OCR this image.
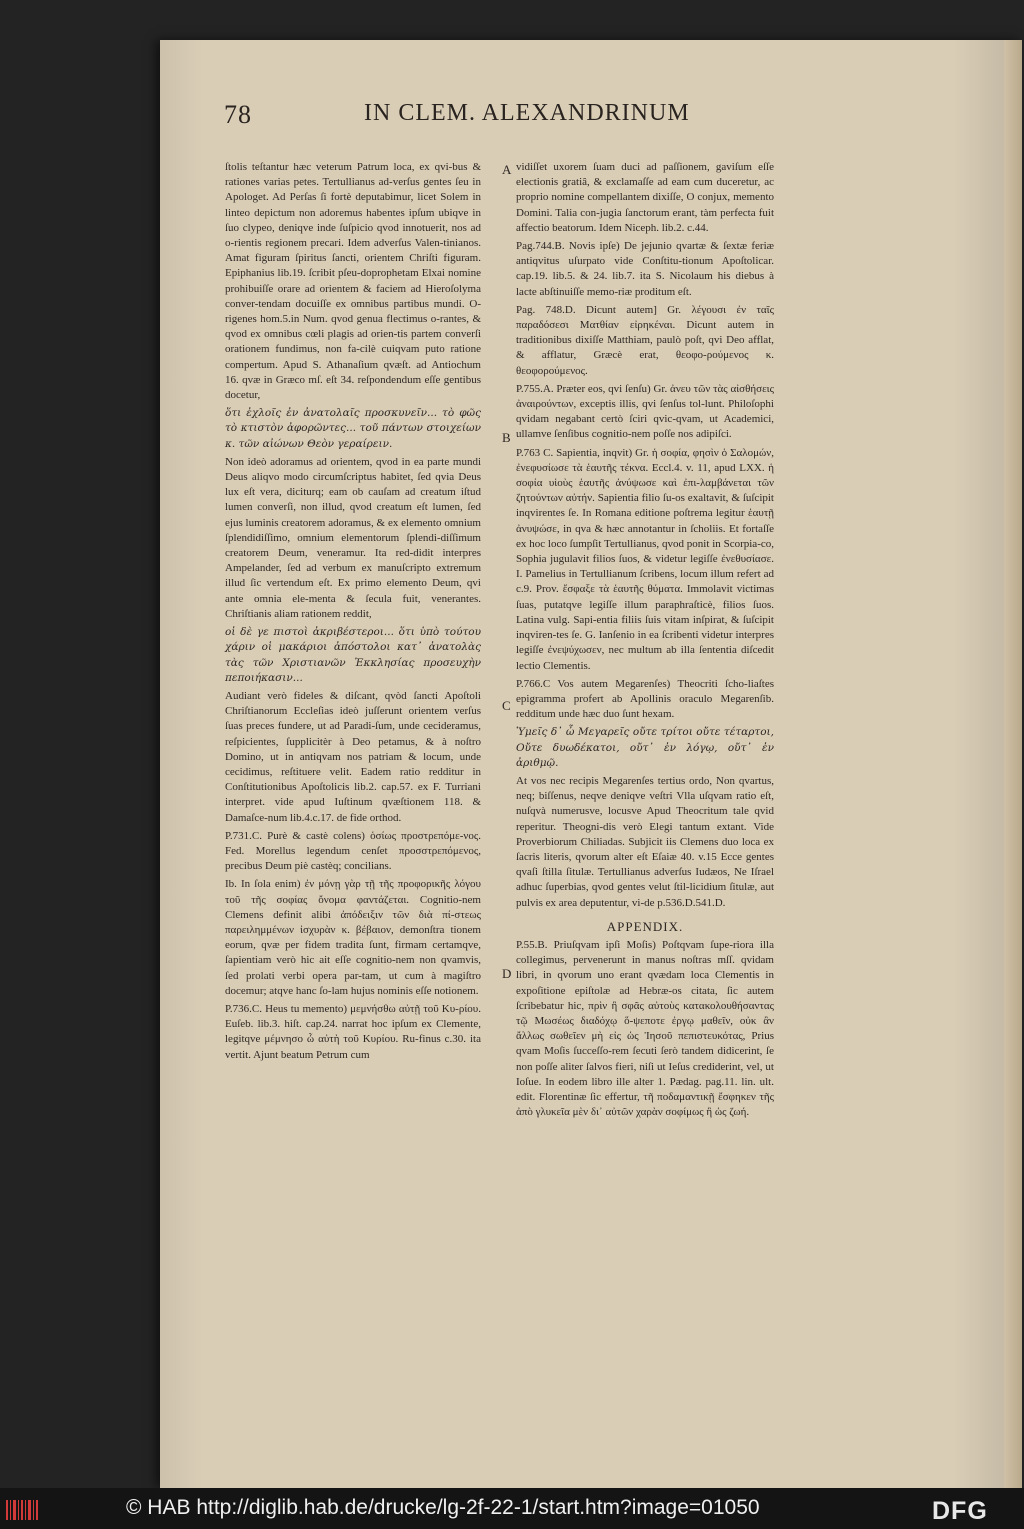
78	IN CLEM. ALEXANDRINUM
A
B
C
D

ſtolis teſtantur hæc veterum Patrum loca, ex qvi-bus & rationes varias petes. Tertullianus ad-verſus gentes ſeu in Apologet. Ad Perſas ſi fortè deputabimur, licet Solem in linteo depictum non adoremus habentes ipſum ubiqve in ſuo clypeo, deniqve inde ſuſpicio qvod innotuerit, nos ad o-rientis regionem precari. Idem adverſus Valen-tinianos. Amat figuram ſpiritus ſancti, orientem Chriſti figuram. Epiphanius lib.19. ſcribit pſeu-doprophetam Elxai nomine prohibuiſſe orare ad orientem & faciem ad Hieroſolyma conver-tendam docuiſſe ex omnibus partibus mundi. O-rigenes hom.5.in Num. qvod genua flectimus o-rantes, & qvod ex omnibus cœli plagis ad orien-tis partem converſi orationem fundimus, non fa-cilè cuiqvam puto ratione compertum. Apud S. Athanaſium qvæſt. ad Antiochum 16. qvæ in Græco mſ. eſt 34. reſpondendum eſſe gentibus docetur,

ὅτι ἐχλοῖς ἐν ἀνατολαῖς προσκυνεῖν... τὸ φῶς τὸ κτιστὸν ἀφορῶντες... τοῦ πάντων στοιχείων κ. τῶν αἰώνων Θεὸν γεραίρειν.

Non ideò adoramus ad orientem, qvod in ea parte mundi Deus aliqvo modo circumſcriptus habitet, ſed qvia Deus lux eſt vera, diciturq; eam ob cauſam ad creatum iſtud lumen converſi, non illud, qvod creatum eſt lumen, ſed ejus luminis creatorem adoramus, & ex elemento omnium ſplendidiſſimo, omnium elementorum ſplendi-diſſimum creatorem Deum, veneramur. Ita red-didit interpres Ampelander, ſed ad verbum ex manuſcripto extremum illud ſic vertendum eſt. Ex primo elemento Deum, qvi ante omnia ele-menta & ſecula fuit, venerantes. Chriſtianis aliam rationem reddit,

οἱ δὲ γε πιστοὶ ἀκριβέστεροι... ὅτι ὑπὸ τούτου χάριν οἱ μακάριοι ἀπόστολοι κατ᾽ ἀνατολὰς τὰς τῶν Χριστιανῶν Ἐκκλησίας προσευχὴν πεποιήκασιν...

Audiant verò fideles & diſcant, qvòd ſancti Apoſtoli Chriſtianorum Eccleſias ideò juſſerunt orientem verſus ſuas preces fundere, ut ad Paradi-ſum, unde cecideramus, reſpicientes, ſupplicitèr à Deo petamus, & à noſtro Domino, ut in antiqvam nos patriam & locum, unde cecidimus, reſtituere velit. Eadem ratio redditur in Conſtitutionibus Apoſtolicis lib.2. cap.57. ex F. Turriani interpret. vide apud Iuſtinum qvæſtionem 118. & Damaſce-num lib.4.c.17. de fide orthod.

P.731.C. Purè & castè colens) ὁσίως προστρεπόμε-νος. Fed. Morellus legendum cenſet προσστρεπόμενος, precibus Deum piè castèq; concilians.

Ib. In ſola enim) ἐν μόνῃ γὰρ τῇ τῆς προφορικῆς λόγου τοῦ τῆς σοφίας ὄνομα φαντάζεται. Cognitio-nem Clemens definit alibi ἀπόδειξιν τῶν διὰ πί-στεως παρειλημμένων ἰσχυρὰν κ. βέβαιον, demonſtra tionem eorum, qvæ per fidem tradita ſunt, firmam certamqve, ſapientiam verò hic ait eſſe cognitio-nem non qvamvis, ſed prolati verbi opera par-tam, ut cum à magiſtro docemur; atqve hanc ſo-lam hujus nominis eſſe notionem.

P.736.C. Heus tu memento) μεμνήσθω αὐτῇ τοῦ Κυ-ρίου. Euſeb. lib.3. hiſt. cap.24. narrat hoc ipſum ex Clemente, legitqve μέμνησο ὦ αὐτὴ τοῦ Κυρίου. Ru-finus c.30. ita vertit. Ajunt beatum Petrum cum

vidiſſet uxorem ſuam duci ad paſſionem, gaviſum eſſe electionis gratiâ, & exclamaſſe ad eam cum duceretur, ac proprio nomine compellantem dixiſſe, O conjux, memento Domini. Talia con-jugia ſanctorum erant, tàm perfecta fuit affectio beatorum. Idem Niceph. lib.2. c.44.

Pag.744.B. Novis ipſe) De jejunio qvartæ & ſextæ feriæ antiqvitus uſurpato vide Conſtitu-tionum Apoſtolicar. cap.19. lib.5. & 24. lib.7. ita S. Nicolaum his diebus à lacte abſtinuiſſe memo-riæ proditum eſt.

Pag. 748.D. Dicunt autem] Gr. λέγουσι ἐν ταῖς παραδόσεσι Ματθίαν εἰρηκέναι. Dicunt autem in traditionibus dixiſſe Matthiam, paulò poſt, qvi Deo afflat, & afflatur, Græcè erat, θεοφο-ρούμενος κ. θεοφορούμενος.

P.755.A. Præter eos, qvi ſenſu) Gr. ἀνευ τῶν τὰς αἰσθήσεις ἀναιρούντων, exceptis illis, qvi ſenſus tol-lunt. Philoſophi qvidam negabant certò ſciri qvic-qvam, ut Academici, ullamve ſenſibus cognitio-nem poſſe nos adipiſci.

P.763 C. Sapientia, inqvit) Gr. ἡ σοφία, φησὶν ὁ Σαλομών, ἐνεφυσίωσε τὰ ἑαυτῆς τέκνα. Eccl.4. v. 11, apud LXX. ἡ σοφία υἱοὺς ἑαυτῆς ἀνύψωσε καὶ ἐπι-λαμβάνεται τῶν ζητούντων αὐτήν. Sapientia filio ſu-os exaltavit, & ſuſcipit inqvirentes ſe. In Romana editione poſtrema legitur ἑαυτῇ ἀνυψώσε, in qva & hæc annotantur in ſcholiis. Et fortaſſe ex hoc loco ſumpſit Tertullianus, qvod ponit in Scorpia-co, Sophia jugulavit filios ſuos, & videtur legiſſe ἐνεθυσίασε. I. Pamelius in Tertullianum ſcribens, locum illum refert ad c.9. Prov. ἔσφαξε τὰ ἑαυτῆς θύματα. Immolavit victimas ſuas, putatqve legiſſe illum paraphraſticè, filios ſuos. Latina vulg. Sapi-entia filiis ſuis vitam inſpirat, & ſuſcipit inqviren-tes ſe. G. Ianſenio in ea ſcribenti videtur interpres legiſſe ἐνεψύχωσεν, nec multum ab illa ſententia diſcedit lectio Clementis.

P.766.C Vos autem Megarenſes) Theocriti ſcho-liaſtes epigramma profert ab Apollinis oraculo Megarenſib. redditum unde hæc duo ſunt hexam.

Ὑμεῖς δ᾽ ὦ Μεγαρεῖς οὔτε τρίτοι οὔτε τέταρτοι, Οὔτε δυωδέκατοι, οὔτ᾽ ἐν λόγῳ, οὔτ᾽ ἐν ἀριθμῷ.

At vos nec recipis Megarenſes tertius ordo, Non qvartus, neq; biſſenus, neqve deniqve veſtri Vlla uſqvam ratio eſt, nuſqvà numerusve, locusve Apud Theocritum tale qvid reperitur. Theogni-dis verò Elegi tantum extant. Vide Proverbiorum Chiliadas. Subjicit iis Clemens duo loca ex ſacris literis, qvorum alter eſt Eſaiæ 40. v.15 Ecce gentes qvaſi ſtilla ſitulæ. Tertullianus adverſus Iudæos, Ne Iſrael adhuc ſuperbias, qvod gentes velut ſtil-licidium ſitulæ, aut pulvis ex area deputentur, vi-de p.536.D.541.D.

APPENDIX.

P.55.B. Priuſqvam ipſi Moſis) Poſtqvam ſupe-riora illa collegimus, pervenerunt in manus noſtras mſſ. qvidam libri, in qvorum uno erant qvædam loca Clementis in expoſitione epiſtolæ ad Hebræ-os citata, ſic autem ſcribebatur hic, πρὶν ἢ σφᾶς αὐτοὺς κατακολουθήσαντας τῷ Μωσέως διαδόχῳ ὅ-ψεποτε ἐργῳ μαθεῖν, οὐκ ἂν ἄλλως σωθεῖεν μὴ εἰς ὡς Ἰησοῦ πεπιστευκότας, Prius qvam Moſis ſucceſſo-rem ſecuti ſerò tandem didicerint, ſe non poſſe aliter ſalvos fieri, niſi ut Ieſus crediderint, vel, ut Ioſue. In eodem libro ille alter 1. Pædag. pag.11. lin. ult. edit. Florentinæ ſic effertur, τῆ ποδαμαντικῇ ἔσφηκεν τῆς ἀπὸ γλυκεῖα μὲν δι᾽ αὐτῶν χαρὰν σοφίμως ἢ ὡς ζωή.

© HAB http://diglib.hab.de/drucke/lg-2f-22-1/start.htm?image=01050	DFG
